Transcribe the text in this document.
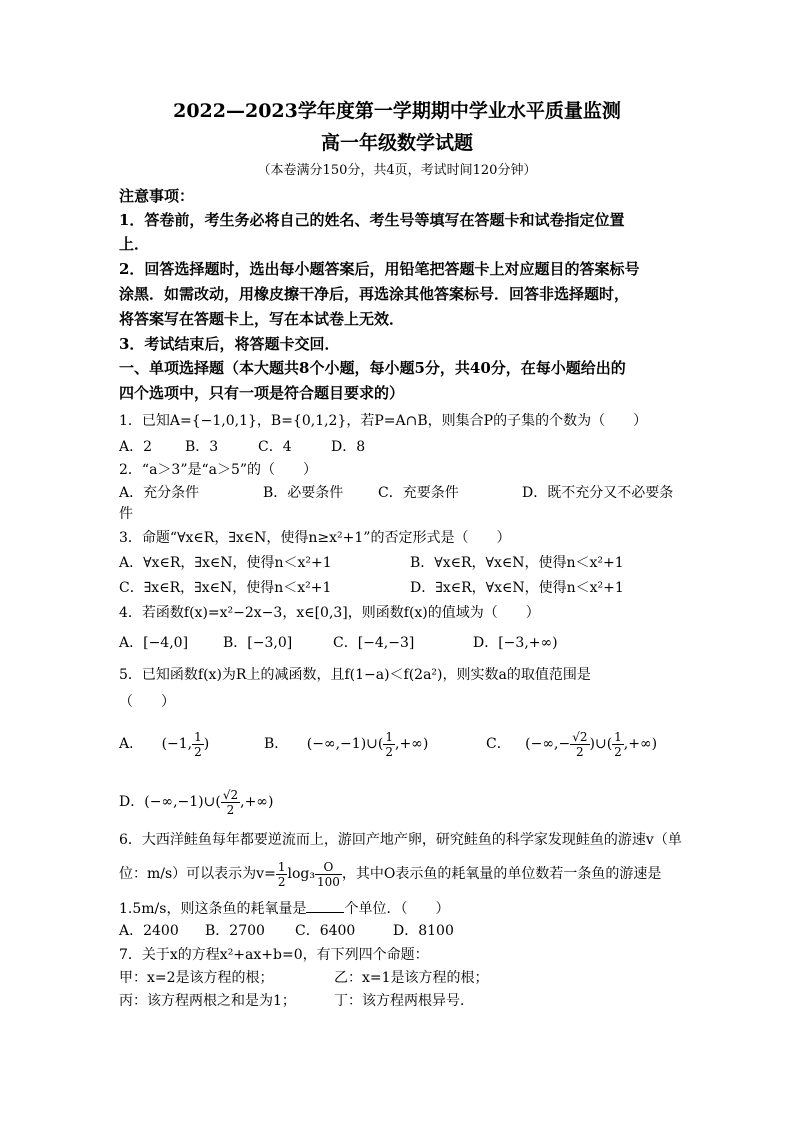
2022—2023学年度第一学期期中学业水平质量监测
高一年级数学试题
（本卷满分150分，共4页，考试时间120分钟）
注意事项：
1．答卷前，考生务必将自己的姓名、考生号等填写在答题卡和试卷指定位置
上．
2．回答选择题时，选出每小题答案后，用铅笔把答题卡上对应题目的答案标号
涂黑．如需改动，用橡皮擦干净后，再选涂其他答案标号．回答非选择题时，
将答案写在答题卡上，写在本试卷上无效．
3．考试结束后，将答题卡交回．
一、单项选择题（本大题共8个小题，每小题5分，共40分，在每小题给出的
四个选项中，只有一项是符合题目要求的）
1．已知A={−1,0,1}，B={0,1,2}，若P=A∩B，则集合P的子集的个数为（　　）
A．2 B．3	C．4	D．8
2．“a＞3”是“a＞5”的（　　）
A．充分条件	B．必要条件 C．充要条件	D．既不充分又不必要条
件
3．命题“∀x∈R，∃x∈N，使得n≥x²+1”的否定形式是（　　）
A．∀x∈R，∃x∈N，使得n＜x²+1	B．∀x∈R，∀x∈N，使得n＜x²+1
C．∃x∈R，∃x∈N，使得n＜x²+1	D．∃x∈R，∀x∈N，使得n＜x²+1
4．若函数f(x)=x²−2x−3，x∈[0,3]，则函数f(x)的值域为（　　）
A．[−4,0] B．[−3,0]	C．[−4,−3]	D．[−3,+∞)
5．已知函数f(x)为R上的减函数，且f(1−a)＜f(2a²)，则实数a的取值范围是
（　　）
A． (−1, $\frac{1}{2}$ )	B． (−∞,−1)∪( $\frac{1}{2}$ ,+∞)	C． (−∞,− $\frac{√2}{2}$ )∪( $\frac{1}{2}$ ,+∞)
D．(−∞,−1)∪( $\frac{√2}{2}$ ,+∞)
6．大西洋鲑鱼每年都要逆流而上，游回产地产卵，研究鲑鱼的科学家发现鲑鱼的游速v（单
位：m/s）可以表示为$v= \frac{1}{2} \log_3 \frac{O}{100}$ ，其中O表示鱼的耗氧量的单位数若一条鱼的游速是
1.5m/s，则这条鱼的耗氧量是	个单位．（　　）
A．2400 B．2700 C．6400	D．8100
7．关于x的方程x²+ax+b=0，有下列四个命题：
甲：x=2是该方程的根；	乙：x=1是该方程的根；
丙：该方程两根之和是为1；	丁：该方程两根异号．
